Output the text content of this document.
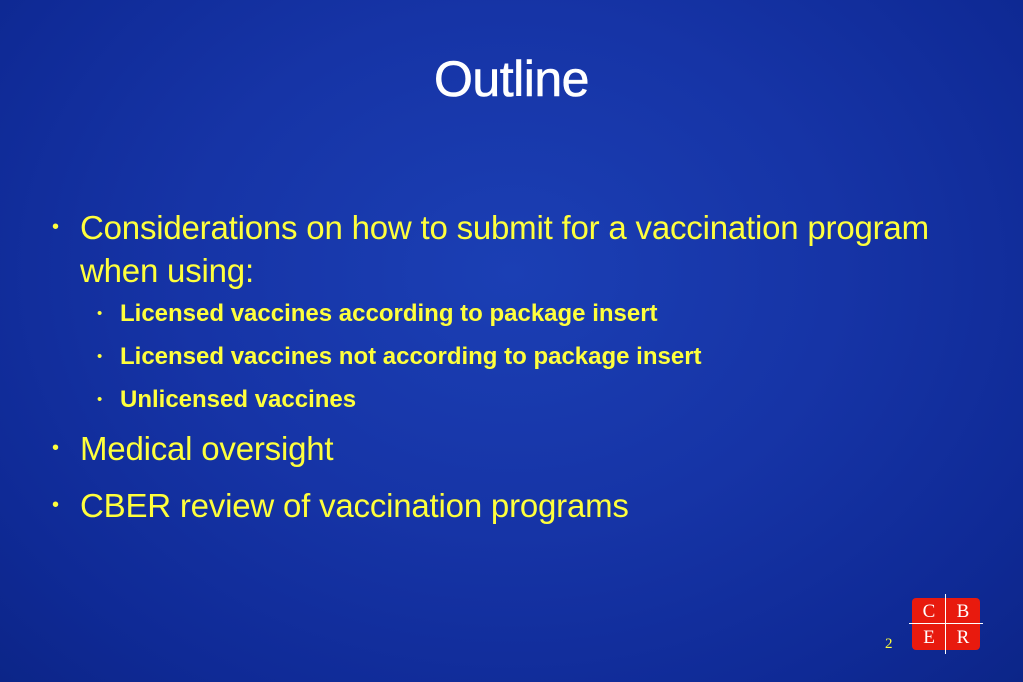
Outline
• Considerations on how to submit for a vaccination program when using:
• Licensed vaccines according to package insert
• Licensed vaccines not according to package insert
• Unlicensed vaccines
• Medical oversight
• CBER review of vaccination programs
2
C	B
E	R
